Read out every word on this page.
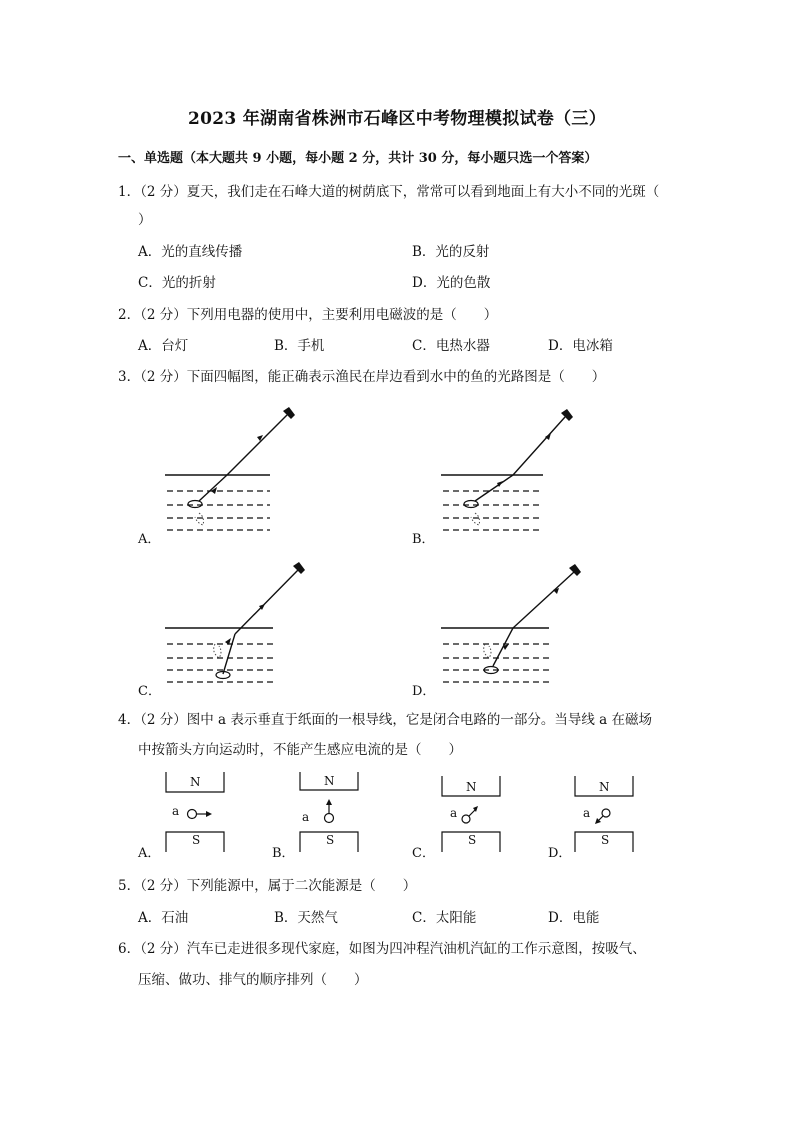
2023 年湖南省株洲市石峰区中考物理模拟试卷（三）
一、单选题（本大题共 9 小题，每小题 2 分，共计 30 分，每小题只选一个答案）
1．（2 分）夏天，我们走在石峰大道的树荫底下，常常可以看到地面上有大小不同的光斑（
）
A．光的直线传播	B．光的反射
C．光的折射	D．光的色散
2．（2 分）下列用电器的使用中，主要利用电磁波的是（　　）
A．台灯	B．手机	C．电热水器	D．电冰箱
3．（2 分）下面四幅图，能正确表示渔民在岸边看到水中的鱼的光路图是（　　）
A．	B．
C．	D．
4．（2 分）图中 a 表示垂直于纸面的一根导线，它是闭合电路的一部分。当导线 a 在磁场
中按箭头方向运动时，不能产生感应电流的是（　　）
N
S
a
A．
N
S
a
B．
N
S
a
C．
N
S
a
D．
5．（2 分）下列能源中，属于二次能源是（　　）
A．石油	B．天然气	C．太阳能	D．电能
6．（2 分）汽车已走进很多现代家庭，如图为四冲程汽油机汽缸的工作示意图，按吸气、
压缩、做功、排气的顺序排列（　　）
